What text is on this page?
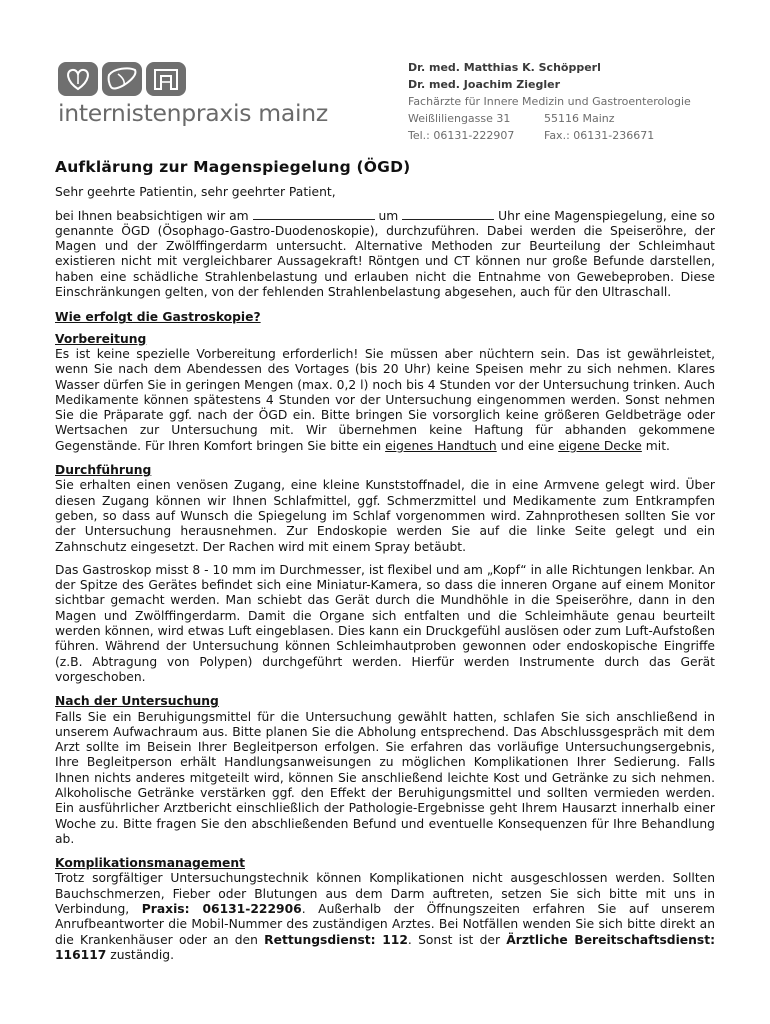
internistenpraxis mainz
Dr. med. Matthias K. Schöpperl
Dr. med. Joachim Ziegler
Fachärzte für Innere Medizin und Gastroenterologie
Weißliliengasse 31	55116 Mainz
Tel.: 06131-222907	Fax.: 06131-236671
Aufklärung zur Magenspiegelung (ÖGD)

Sehr geehrte Patientin, sehr geehrter Patient,

bei Ihnen beabsichtigen wir am	um	Uhr eine Magenspiegelung, eine so genannte ÖGD (Ösophago-Gastro-Duodenoskopie), durchzuführen. Dabei werden die Speiseröhre, der Magen und der Zwölffingerdarm untersucht. Alternative Methoden zur Beurteilung der Schleimhaut existieren nicht mit vergleichbarer Aussagekraft! Röntgen und CT können nur große Befunde darstellen, haben eine schädliche Strahlenbelastung und erlauben nicht die Entnahme von Gewebeproben. Diese Einschränkungen gelten, von der fehlenden Strahlenbelastung abgesehen, auch für den Ultraschall.

Wie erfolgt die Gastroskopie?
Vorbereitung

Es ist keine spezielle Vorbereitung erforderlich! Sie müssen aber nüchtern sein. Das ist gewährleistet, wenn Sie nach dem Abendessen des Vortages (bis 20 Uhr) keine Speisen mehr zu sich nehmen. Klares Wasser dürfen Sie in geringen Mengen (max. 0,2 l) noch bis 4 Stunden vor der Untersuchung trinken. Auch Medikamente können spätestens 4 Stunden vor der Untersuchung eingenommen werden. Sonst nehmen Sie die Präparate ggf. nach der ÖGD ein. Bitte bringen Sie vorsorglich keine größeren Geldbeträge oder Wertsachen zur Untersuchung mit. Wir übernehmen keine Haftung für abhanden gekommene Gegenstände. Für Ihren Komfort bringen Sie bitte ein eigenes Handtuch und eine eigene Decke mit.

Durchführung

Sie erhalten einen venösen Zugang, eine kleine Kunststoffnadel, die in eine Armvene gelegt wird. Über diesen Zugang können wir Ihnen Schlafmittel, ggf. Schmerzmittel und Medikamente zum Entkrampfen geben, so dass auf Wunsch die Spiegelung im Schlaf vorgenommen wird. Zahnprothesen sollten Sie vor der Untersuchung herausnehmen. Zur Endoskopie werden Sie auf die linke Seite gelegt und ein Zahnschutz eingesetzt. Der Rachen wird mit einem Spray betäubt.

Das Gastroskop misst 8 - 10 mm im Durchmesser, ist flexibel und am „Kopf“ in alle Richtungen lenkbar. An der Spitze des Gerätes befindet sich eine Miniatur-Kamera, so dass die inneren Organe auf einem Monitor sichtbar gemacht werden. Man schiebt das Gerät durch die Mundhöhle in die Speiseröhre, dann in den Magen und Zwölffingerdarm. Damit die Organe sich entfalten und die Schleimhäute genau beurteilt werden können, wird etwas Luft eingeblasen. Dies kann ein Druckgefühl auslösen oder zum Luft-Aufstoßen führen. Während der Untersuchung können Schleimhautproben gewonnen oder endoskopische Eingriffe (z.B. Abtragung von Polypen) durchgeführt werden. Hierfür werden Instrumente durch das Gerät vorgeschoben.

Nach der Untersuchung

Falls Sie ein Beruhigungsmittel für die Untersuchung gewählt hatten, schlafen Sie sich anschließend in unserem Aufwachraum aus. Bitte planen Sie die Abholung entsprechend. Das Abschlussgespräch mit dem Arzt sollte im Beisein Ihrer Begleitperson erfolgen. Sie erfahren das vorläufige Untersuchungsergebnis, Ihre Begleitperson erhält Handlungsanweisungen zu möglichen Komplikationen Ihrer Sedierung. Falls Ihnen nichts anderes mitgeteilt wird, können Sie anschließend leichte Kost und Getränke zu sich nehmen. Alkoholische Getränke verstärken ggf. den Effekt der Beruhigungsmittel und sollten vermieden werden. Ein ausführlicher Arztbericht einschließlich der Pathologie-Ergebnisse geht Ihrem Hausarzt innerhalb einer Woche zu. Bitte fragen Sie den abschließenden Befund und eventuelle Konsequenzen für Ihre Behandlung ab.

Komplikationsmanagement

Trotz sorgfältiger Untersuchungstechnik können Komplikationen nicht ausgeschlossen werden. Sollten Bauchschmerzen, Fieber oder Blutungen aus dem Darm auftreten, setzen Sie sich bitte mit uns in Verbindung, Praxis: 06131-222906. Außerhalb der Öffnungszeiten erfahren Sie auf unserem Anrufbeantworter die Mobil-Nummer des zuständigen Arztes. Bei Notfällen wenden Sie sich bitte direkt an die Krankenhäuser oder an den Rettungsdienst: 112. Sonst ist der Ärztliche Bereitschaftsdienst: 116117 zuständig.
